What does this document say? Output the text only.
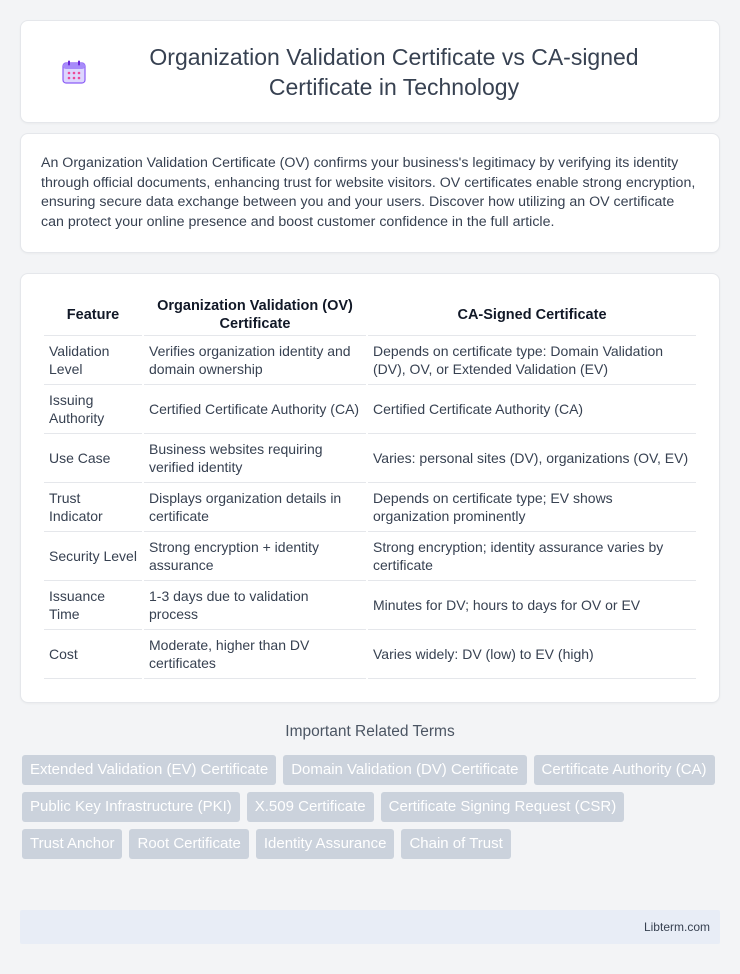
Organization Validation Certificate vs CA-signed Certificate in Technology

An Organization Validation Certificate (OV) confirms your business's legitimacy by verifying its identity through official documents, enhancing trust for website visitors. OV certificates enable strong encryption, ensuring secure data exchange between you and your users. Discover how utilizing an OV certificate can protect your online presence and boost customer confidence in the full article.

Feature	Organization Validation (OV) Certificate	CA-Signed Certificate
Validation Level	Verifies organization identity and domain ownership	Depends on certificate type: Domain Validation (DV), OV, or Extended Validation (EV)
Issuing Authority	Certified Certificate Authority (CA)	Certified Certificate Authority (CA)
Use Case	Business websites requiring verified identity	Varies: personal sites (DV), organizations (OV, EV)
Trust Indicator	Displays organization details in certificate	Depends on certificate type; EV shows organization prominently
Security Level	Strong encryption + identity assurance	Strong encryption; identity assurance varies by certificate
Issuance Time	1-3 days due to validation process	Minutes for DV; hours to days for OV or EV
Cost	Moderate, higher than DV certificates	Varies widely: DV (low) to EV (high)
Important Related Terms
Extended Validation (EV) Certificate	Domain Validation (DV) Certificate	Certificate Authority (CA)
Public Key Infrastructure (PKI)	X.509 Certificate	Certificate Signing Request (CSR)
Trust Anchor	Root Certificate	Identity Assurance	Chain of Trust
Libterm.com
